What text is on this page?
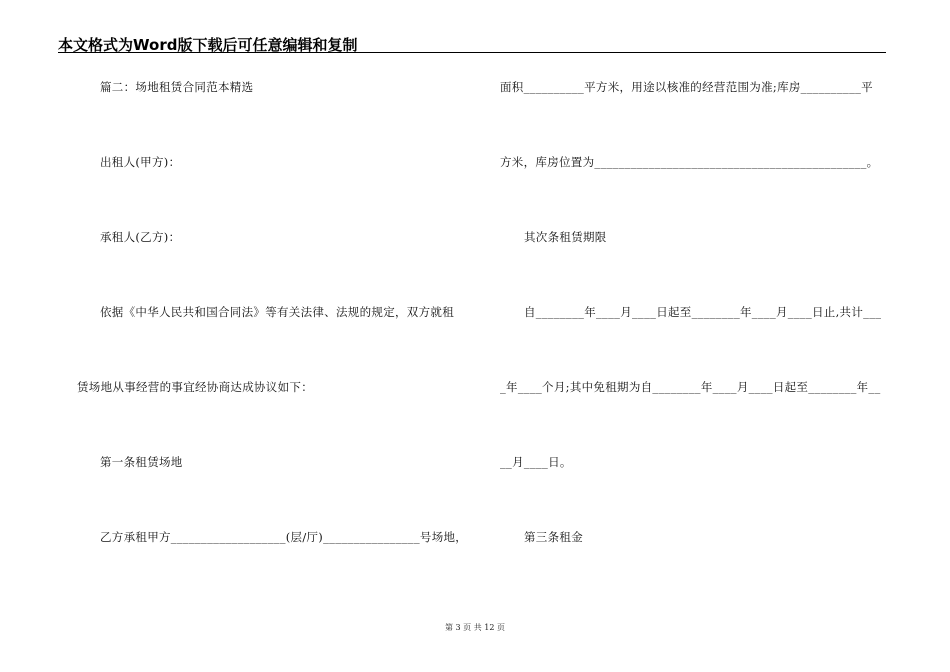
本文格式为Word版下载后可任意编辑和复制
篇二：场地租赁合同范本精选
出租人(甲方)：
承租人(乙方)：
依据《中华人民共和国合同法》等有关法律、法规的规定，双方就租
赁场地从事经营的事宜经协商达成协议如下：
第一条租赁场地
乙方承租甲方___________________(层/厅)________________号场地，
面积__________平方米，用途以核准的经营范围为准;库房__________平
方米，库房位置为_____________________________________________。
其次条租赁期限
自________年____月____日起至________年____月____日止,共计___
_年____个月;其中免租期为自________年____月____日起至________年__
__月____日。
第三条租金
第 3 页 共 12 页
